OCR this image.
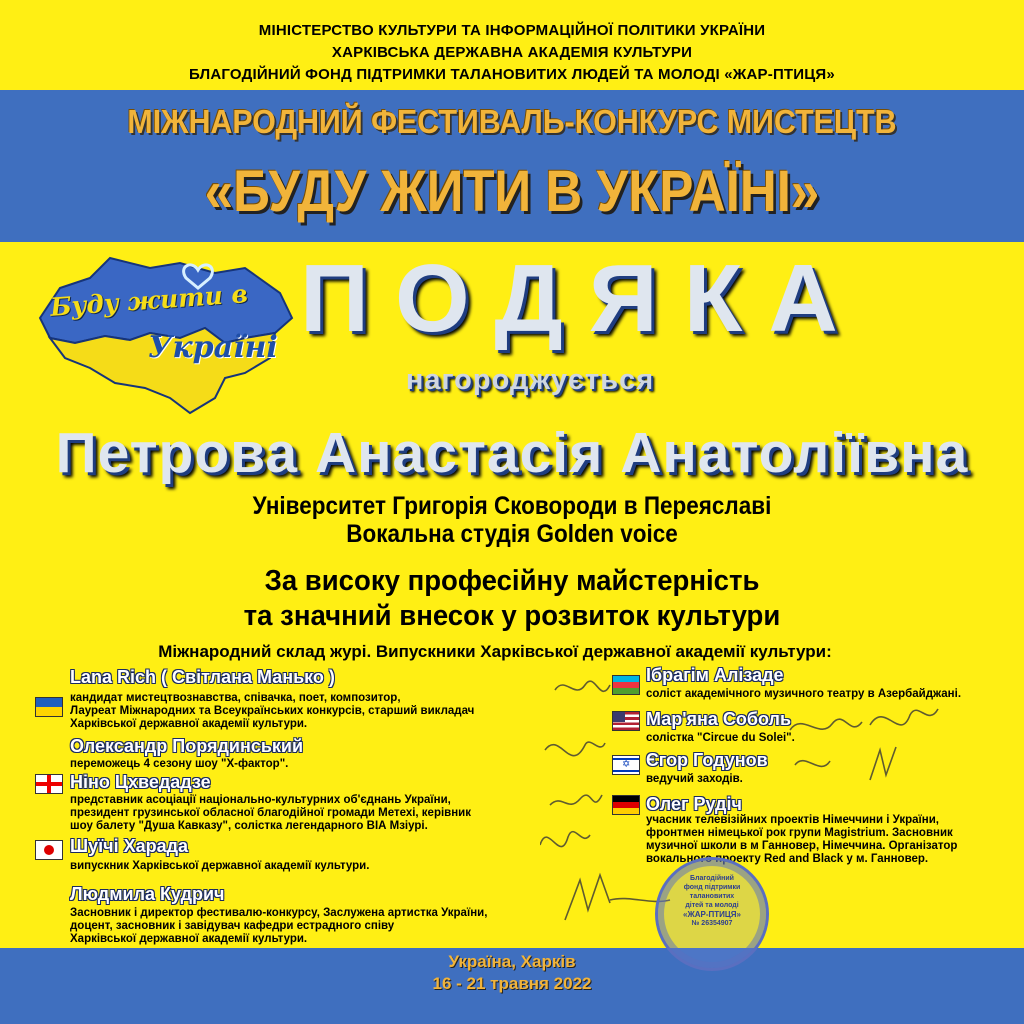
МІНІСТЕРСТВО КУЛЬТУРИ ТА ІНФОРМАЦІЙНОЇ ПОЛІТИКИ УКРАЇНИ
ХАРКІВСЬКА ДЕРЖАВНА АКАДЕМІЯ КУЛЬТУРИ
БЛАГОДІЙНИЙ ФОНД ПІДТРИМКИ ТАЛАНОВИТИХ ЛЮДЕЙ ТА МОЛОДІ «ЖАР-ПТИЦЯ»
МІЖНАРОДНИЙ ФЕСТИВАЛЬ-КОНКУРС МИСТЕЦТВ
«БУДУ ЖИТИ В УКРАЇНІ»
Буду жити в
Україні ПОДЯКА
нагороджується
Петрова Анастасія Анатоліївна
Університет Григорія Сковороди в Переяславі
Вокальна студія Golden voice
За високу професійну майстерність
та значний внесок у розвиток культури
Міжнародний склад журі. Випускники Харківської державної академії культури:
Lana Rich ( Світлана Манько )
кандидат мистецтвознавства, співачка, поет, композитор,
Лауреат Міжнародних та Всеукраїнських конкурсів, старший викладач
Харківської державної академії культури.
Олександр Порядинський
переможець 4 сезону шоу "Х-фактор".
Ніно Цхведадзе
представник асоціації національно-культурних об'єднань України,
президент грузинської обласної благодійної громади Метехі, керівник
шоу балету "Душа Кавказу", солістка легендарного ВІА Мзіурі.
Шуїчі Харада
випускник Харківської державної академії культури.
Людмила Кудрич
Засновник і директор фестивалю-конкурсу, Заслужена артистка України,
доцент, засновник і завідувач кафедри естрадного співу
Харківської державної академії культури.
Ібрагім Алізаде
соліст академічного музичного театру в Азербайджані.
Мар'яна Соболь
солістка "Circue du Solei".
Єгор Годунов
✡
ведучий заходів.
Олег Рудіч
учасник телевізійних проектів Німеччини і України,
фронтмен німецької рок групи Magistrium. Засновник
музичної школи в м Ганновер, Німеччина. Організатор
вокального проекту Red and Black у м. Ганновер.
Благодійний
фонд підтримки
талановитих
дітей та молоді
«ЖАР-ПТИЦЯ»
№ 26354907
Україна, Харків
16 - 21 травня 2022
